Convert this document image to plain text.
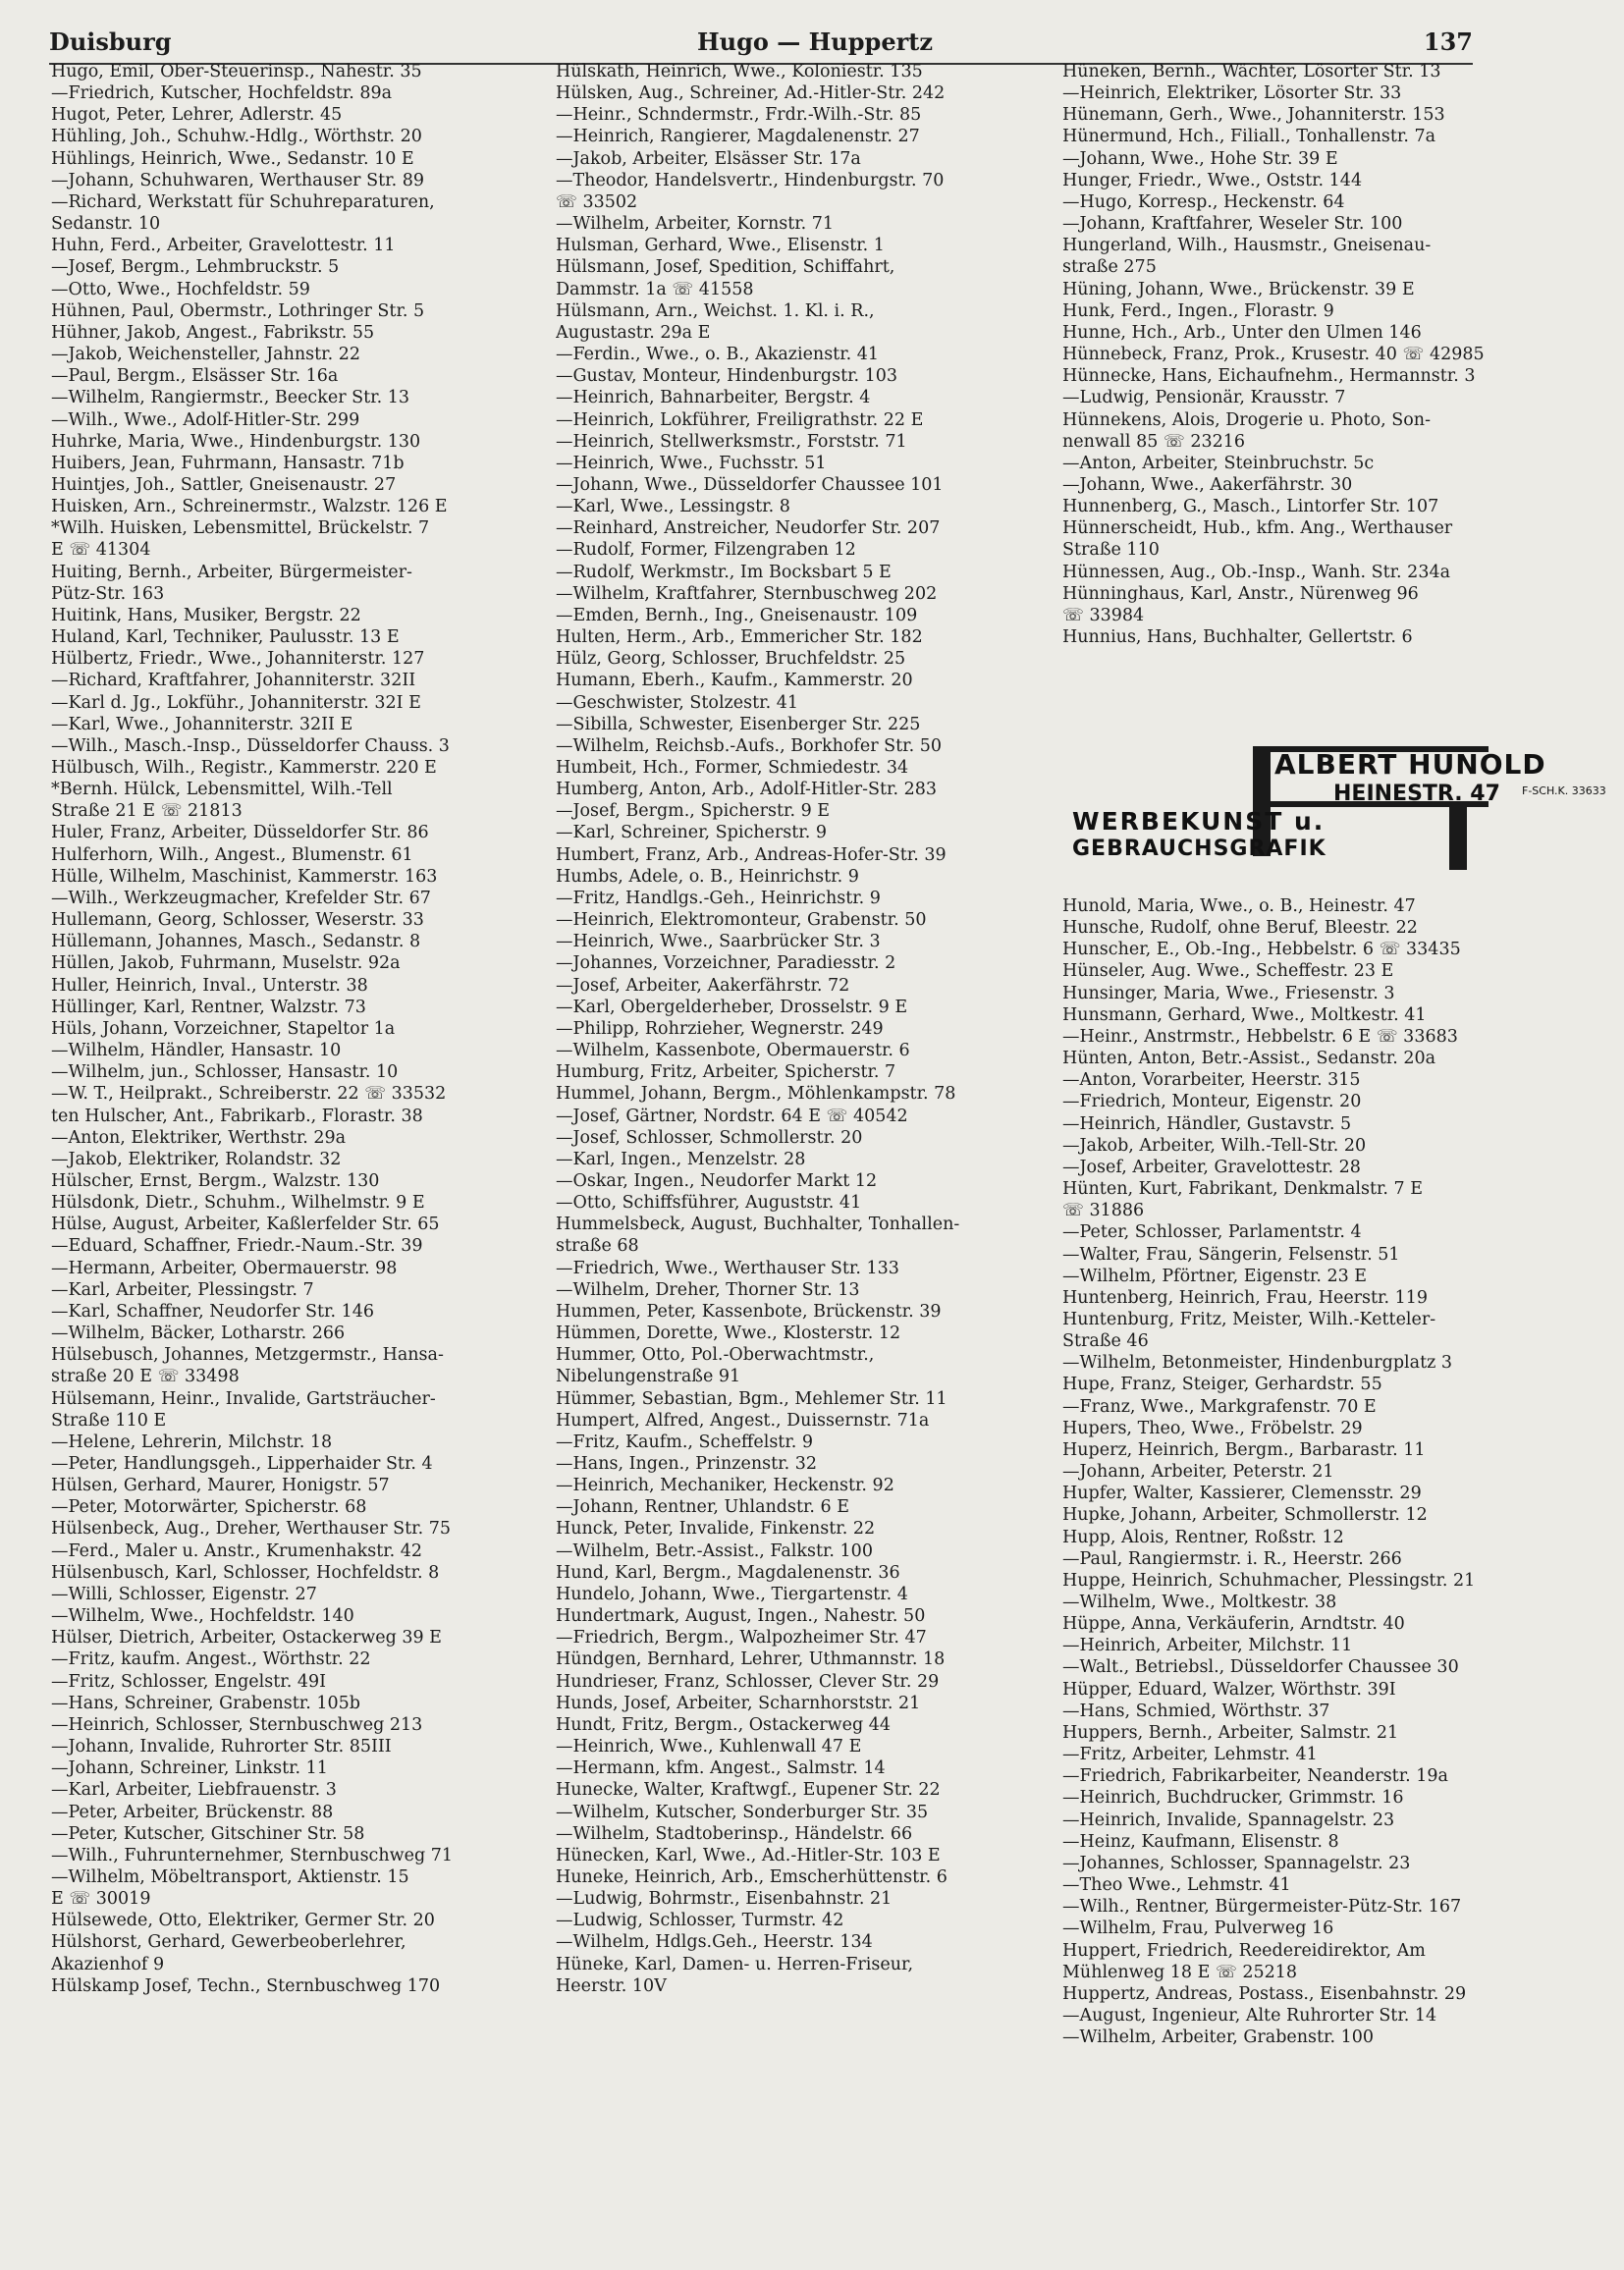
Duisburg	Hugo — Huppertz	137
Hugo, Emil, Ober-Steuerinsp., Nahestr. 35
—Friedrich, Kutscher, Hochfeldstr. 89a
Hugot, Peter, Lehrer, Adlerstr. 45
Hühling, Joh., Schuhw.-Hdlg., Wörthstr. 20
Hühlings, Heinrich, Wwe., Sedanstr. 10 E
—Johann, Schuhwaren, Werthauser Str. 89
—Richard, Werkstatt für Schuhreparaturen,
Sedanstr. 10
Huhn, Ferd., Arbeiter, Gravelottestr. 11
—Josef, Bergm., Lehmbruckstr. 5
—Otto, Wwe., Hochfeldstr. 59
Hühnen, Paul, Obermstr., Lothringer Str. 5
Hühner, Jakob, Angest., Fabrikstr. 55
—Jakob, Weichensteller, Jahnstr. 22
—Paul, Bergm., Elsässer Str. 16a
—Wilhelm, Rangiermstr., Beecker Str. 13
—Wilh., Wwe., Adolf-Hitler-Str. 299
Huhrke, Maria, Wwe., Hindenburgstr. 130
Huibers, Jean, Fuhrmann, Hansastr. 71b
Huintjes, Joh., Sattler, Gneisenaustr. 27
Huisken, Arn., Schreinermstr., Walzstr. 126 E
*Wilh. Huisken, Lebensmittel, Brückelstr. 7
E ☏ 41304
Huiting, Bernh., Arbeiter, Bürgermeister-
Pütz-Str. 163
Huitink, Hans, Musiker, Bergstr. 22
Huland, Karl, Techniker, Paulusstr. 13 E
Hülbertz, Friedr., Wwe., Johanniterstr. 127
—Richard, Kraftfahrer, Johanniterstr. 32II
—Karl d. Jg., Lokführ., Johanniterstr. 32I E
—Karl, Wwe., Johanniterstr. 32II E
—Wilh., Masch.-Insp., Düsseldorfer Chauss. 3
Hülbusch, Wilh., Registr., Kammerstr. 220 E
*Bernh. Hülck, Lebensmittel, Wilh.-Tell
Straße 21 E ☏ 21813
Huler, Franz, Arbeiter, Düsseldorfer Str. 86
Hulferhorn, Wilh., Angest., Blumenstr. 61
Hülle, Wilhelm, Maschinist, Kammerstr. 163
—Wilh., Werkzeugmacher, Krefelder Str. 67
Hullemann, Georg, Schlosser, Weserstr. 33
Hüllemann, Johannes, Masch., Sedanstr. 8
Hüllen, Jakob, Fuhrmann, Muselstr. 92a
Huller, Heinrich, Inval., Unterstr. 38
Hüllinger, Karl, Rentner, Walzstr. 73
Hüls, Johann, Vorzeichner, Stapeltor 1a
—Wilhelm, Händler, Hansastr. 10
—Wilhelm, jun., Schlosser, Hansastr. 10
—W. T., Heilprakt., Schreiberstr. 22 ☏ 33532
ten Hulscher, Ant., Fabrikarb., Florastr. 38
—Anton, Elektriker, Werthstr. 29a
—Jakob, Elektriker, Rolandstr. 32
Hülscher, Ernst, Bergm., Walzstr. 130
Hülsdonk, Dietr., Schuhm., Wilhelmstr. 9 E
Hülse, August, Arbeiter, Kaßlerfelder Str. 65
—Eduard, Schaffner, Friedr.-Naum.-Str. 39
—Hermann, Arbeiter, Obermauerstr. 98
—Karl, Arbeiter, Plessingstr. 7
—Karl, Schaffner, Neudorfer Str. 146
—Wilhelm, Bäcker, Lotharstr. 266
Hülsebusch, Johannes, Metzgermstr., Hansa-
straße 20 E ☏ 33498
Hülsemann, Heinr., Invalide, Gartsträucher-
Straße 110 E
—Helene, Lehrerin, Milchstr. 18
—Peter, Handlungsgeh., Lipperhaider Str. 4
Hülsen, Gerhard, Maurer, Honigstr. 57
—Peter, Motorwärter, Spicherstr. 68
Hülsenbeck, Aug., Dreher, Werthauser Str. 75
—Ferd., Maler u. Anstr., Krumenhakstr. 42
Hülsenbusch, Karl, Schlosser, Hochfeldstr. 8
—Willi, Schlosser, Eigenstr. 27
—Wilhelm, Wwe., Hochfeldstr. 140
Hülser, Dietrich, Arbeiter, Ostackerweg 39 E
—Fritz, kaufm. Angest., Wörthstr. 22
—Fritz, Schlosser, Engelstr. 49I
—Hans, Schreiner, Grabenstr. 105b
—Heinrich, Schlosser, Sternbuschweg 213
—Johann, Invalide, Ruhrorter Str. 85III
—Johann, Schreiner, Linkstr. 11
—Karl, Arbeiter, Liebfrauenstr. 3
—Peter, Arbeiter, Brückenstr. 88
—Peter, Kutscher, Gitschiner Str. 58
—Wilh., Fuhrunternehmer, Sternbuschweg 71
—Wilhelm, Möbeltransport, Aktienstr. 15
E ☏ 30019
Hülsewede, Otto, Elektriker, Germer Str. 20
Hülshorst, Gerhard, Gewerbeoberlehrer,
Akazienhof 9
Hülskamp Josef, Techn., Sternbuschweg 170
Hülskath, Heinrich, Wwe., Koloniestr. 135
Hülsken, Aug., Schreiner, Ad.-Hitler-Str. 242
—Heinr., Schndermstr., Frdr.-Wilh.-Str. 85
—Heinrich, Rangierer, Magdalenenstr. 27
—Jakob, Arbeiter, Elsässer Str. 17a
—Theodor, Handelsvertr., Hindenburgstr. 70
☏ 33502
—Wilhelm, Arbeiter, Kornstr. 71
Hulsman, Gerhard, Wwe., Elisenstr. 1
Hülsmann, Josef, Spedition, Schiffahrt,
Dammstr. 1a ☏ 41558
Hülsmann, Arn., Weichst. 1. Kl. i. R.,
Augustastr. 29a E
—Ferdin., Wwe., o. B., Akazienstr. 41
—Gustav, Monteur, Hindenburgstr. 103
—Heinrich, Bahnarbeiter, Bergstr. 4
—Heinrich, Lokführer, Freiligrathstr. 22 E
—Heinrich, Stellwerksmstr., Forststr. 71
—Heinrich, Wwe., Fuchsstr. 51
—Johann, Wwe., Düsseldorfer Chaussee 101
—Karl, Wwe., Lessingstr. 8
—Reinhard, Anstreicher, Neudorfer Str. 207
—Rudolf, Former, Filzengraben 12
—Rudolf, Werkmstr., Im Bocksbart 5 E
—Wilhelm, Kraftfahrer, Sternbuschweg 202
—Emden, Bernh., Ing., Gneisenaustr. 109
Hulten, Herm., Arb., Emmericher Str. 182
Hülz, Georg, Schlosser, Bruchfeldstr. 25
Humann, Eberh., Kaufm., Kammerstr. 20
—Geschwister, Stolzestr. 41
—Sibilla, Schwester, Eisenberger Str. 225
—Wilhelm, Reichsb.-Aufs., Borkhofer Str. 50
Humbeit, Hch., Former, Schmiedestr. 34
Humberg, Anton, Arb., Adolf-Hitler-Str. 283
—Josef, Bergm., Spicherstr. 9 E
—Karl, Schreiner, Spicherstr. 9
Humbert, Franz, Arb., Andreas-Hofer-Str. 39
Humbs, Adele, o. B., Heinrichstr. 9
—Fritz, Handlgs.-Geh., Heinrichstr. 9
—Heinrich, Elektromonteur, Grabenstr. 50
—Heinrich, Wwe., Saarbrücker Str. 3
—Johannes, Vorzeichner, Paradiesstr. 2
—Josef, Arbeiter, Aakerfährstr. 72
—Karl, Obergelderheber, Drosselstr. 9 E
—Philipp, Rohrzieher, Wegnerstr. 249
—Wilhelm, Kassenbote, Obermauerstr. 6
Humburg, Fritz, Arbeiter, Spicherstr. 7
Hummel, Johann, Bergm., Möhlenkampstr. 78
—Josef, Gärtner, Nordstr. 64 E ☏ 40542
—Josef, Schlosser, Schmollerstr. 20
—Karl, Ingen., Menzelstr. 28
—Oskar, Ingen., Neudorfer Markt 12
—Otto, Schiffsführer, Auguststr. 41
Hummelsbeck, August, Buchhalter, Tonhallen-
straße 68
—Friedrich, Wwe., Werthauser Str. 133
—Wilhelm, Dreher, Thorner Str. 13
Hummen, Peter, Kassenbote, Brückenstr. 39
Hümmen, Dorette, Wwe., Klosterstr. 12
Hummer, Otto, Pol.-Oberwachtmstr.,
Nibelungenstraße 91
Hümmer, Sebastian, Bgm., Mehlemer Str. 11
Humpert, Alfred, Angest., Duissernstr. 71a
—Fritz, Kaufm., Scheffelstr. 9
—Hans, Ingen., Prinzenstr. 32
—Heinrich, Mechaniker, Heckenstr. 92
—Johann, Rentner, Uhlandstr. 6 E
Hunck, Peter, Invalide, Finkenstr. 22
—Wilhelm, Betr.-Assist., Falkstr. 100
Hund, Karl, Bergm., Magdalenenstr. 36
Hundelo, Johann, Wwe., Tiergartenstr. 4
Hundertmark, August, Ingen., Nahestr. 50
—Friedrich, Bergm., Walpozheimer Str. 47
Hündgen, Bernhard, Lehrer, Uthmannstr. 18
Hundrieser, Franz, Schlosser, Clever Str. 29
Hunds, Josef, Arbeiter, Scharnhorststr. 21
Hundt, Fritz, Bergm., Ostackerweg 44
—Heinrich, Wwe., Kuhlenwall 47 E
—Hermann, kfm. Angest., Salmstr. 14
Hunecke, Walter, Kraftwgf., Eupener Str. 22
—Wilhelm, Kutscher, Sonderburger Str. 35
—Wilhelm, Stadtoberinsp., Händelstr. 66
Hünecken, Karl, Wwe., Ad.-Hitler-Str. 103 E
Huneke, Heinrich, Arb., Emscherhüttenstr. 6
—Ludwig, Bohrmstr., Eisenbahnstr. 21
—Ludwig, Schlosser, Turmstr. 42
—Wilhelm, Hdlgs.Geh., Heerstr. 134
Hüneke, Karl, Damen- u. Herren-Friseur,
Heerstr. 10V
Hüneken, Bernh., Wächter, Lösorter Str. 13
—Heinrich, Elektriker, Lösorter Str. 33
Hünemann, Gerh., Wwe., Johanniterstr. 153
Hünermund, Hch., Filiall., Tonhallenstr. 7a
—Johann, Wwe., Hohe Str. 39 E
Hunger, Friedr., Wwe., Oststr. 144
—Hugo, Korresp., Heckenstr. 64
—Johann, Kraftfahrer, Weseler Str. 100
Hungerland, Wilh., Hausmstr., Gneisenau-
straße 275
Hüning, Johann, Wwe., Brückenstr. 39 E
Hunk, Ferd., Ingen., Florastr. 9
Hunne, Hch., Arb., Unter den Ulmen 146
Hünnebeck, Franz, Prok., Krusestr. 40 ☏ 42985
Hünnecke, Hans, Eichaufnehm., Hermannstr. 3
—Ludwig, Pensionär, Krausstr. 7
Hünnekens, Alois, Drogerie u. Photo, Son-
nenwall 85 ☏ 23216
—Anton, Arbeiter, Steinbruchstr. 5c
—Johann, Wwe., Aakerfährstr. 30
Hunnenberg, G., Masch., Lintorfer Str. 107
Hünnerscheidt, Hub., kfm. Ang., Werthauser
Straße 110
Hünnessen, Aug., Ob.-Insp., Wanh. Str. 234a
Hünninghaus, Karl, Anstr., Nürenweg 96
☏ 33984
Hunnius, Hans, Buchhalter, Gellertstr. 6
ALBERT HUNOLD
HEINESTR. 47 F-SCH.K. 33633
WERBEKUNST u.
GEBRAUCHSGRAFIK
Hunold, Maria, Wwe., o. B., Heinestr. 47
Hunsche, Rudolf, ohne Beruf, Bleestr. 22
Hunscher, E., Ob.-Ing., Hebbelstr. 6 ☏ 33435
Hünseler, Aug. Wwe., Scheffestr. 23 E
Hunsinger, Maria, Wwe., Friesenstr. 3
Hunsmann, Gerhard, Wwe., Moltkestr. 41
—Heinr., Anstrmstr., Hebbelstr. 6 E ☏ 33683
Hünten, Anton, Betr.-Assist., Sedanstr. 20a
—Anton, Vorarbeiter, Heerstr. 315
—Friedrich, Monteur, Eigenstr. 20
—Heinrich, Händler, Gustavstr. 5
—Jakob, Arbeiter, Wilh.-Tell-Str. 20
—Josef, Arbeiter, Gravelottestr. 28
Hünten, Kurt, Fabrikant, Denkmalstr. 7 E
☏ 31886
—Peter, Schlosser, Parlamentstr. 4
—Walter, Frau, Sängerin, Felsenstr. 51
—Wilhelm, Pförtner, Eigenstr. 23 E
Huntenberg, Heinrich, Frau, Heerstr. 119
Huntenburg, Fritz, Meister, Wilh.-Ketteler-
Straße 46
—Wilhelm, Betonmeister, Hindenburgplatz 3
Hupe, Franz, Steiger, Gerhardstr. 55
—Franz, Wwe., Markgrafenstr. 70 E
Hupers, Theo, Wwe., Fröbelstr. 29
Huperz, Heinrich, Bergm., Barbarastr. 11
—Johann, Arbeiter, Peterstr. 21
Hupfer, Walter, Kassierer, Clemensstr. 29
Hupke, Johann, Arbeiter, Schmollerstr. 12
Hupp, Alois, Rentner, Roßstr. 12
—Paul, Rangiermstr. i. R., Heerstr. 266
Huppe, Heinrich, Schuhmacher, Plessingstr. 21
—Wilhelm, Wwe., Moltkestr. 38
Hüppe, Anna, Verkäuferin, Arndtstr. 40
—Heinrich, Arbeiter, Milchstr. 11
—Walt., Betriebsl., Düsseldorfer Chaussee 30
Hüpper, Eduard, Walzer, Wörthstr. 39I
—Hans, Schmied, Wörthstr. 37
Huppers, Bernh., Arbeiter, Salmstr. 21
—Fritz, Arbeiter, Lehmstr. 41
—Friedrich, Fabrikarbeiter, Neanderstr. 19a
—Heinrich, Buchdrucker, Grimmstr. 16
—Heinrich, Invalide, Spannagelstr. 23
—Heinz, Kaufmann, Elisenstr. 8
—Johannes, Schlosser, Spannagelstr. 23
—Theo Wwe., Lehmstr. 41
—Wilh., Rentner, Bürgermeister-Pütz-Str. 167
—Wilhelm, Frau, Pulverweg 16
Huppert, Friedrich, Reedereidirektor, Am
Mühlenweg 18 E ☏ 25218
Huppertz, Andreas, Postass., Eisenbahnstr. 29
—August, Ingenieur, Alte Ruhrorter Str. 14
—Wilhelm, Arbeiter, Grabenstr. 100
